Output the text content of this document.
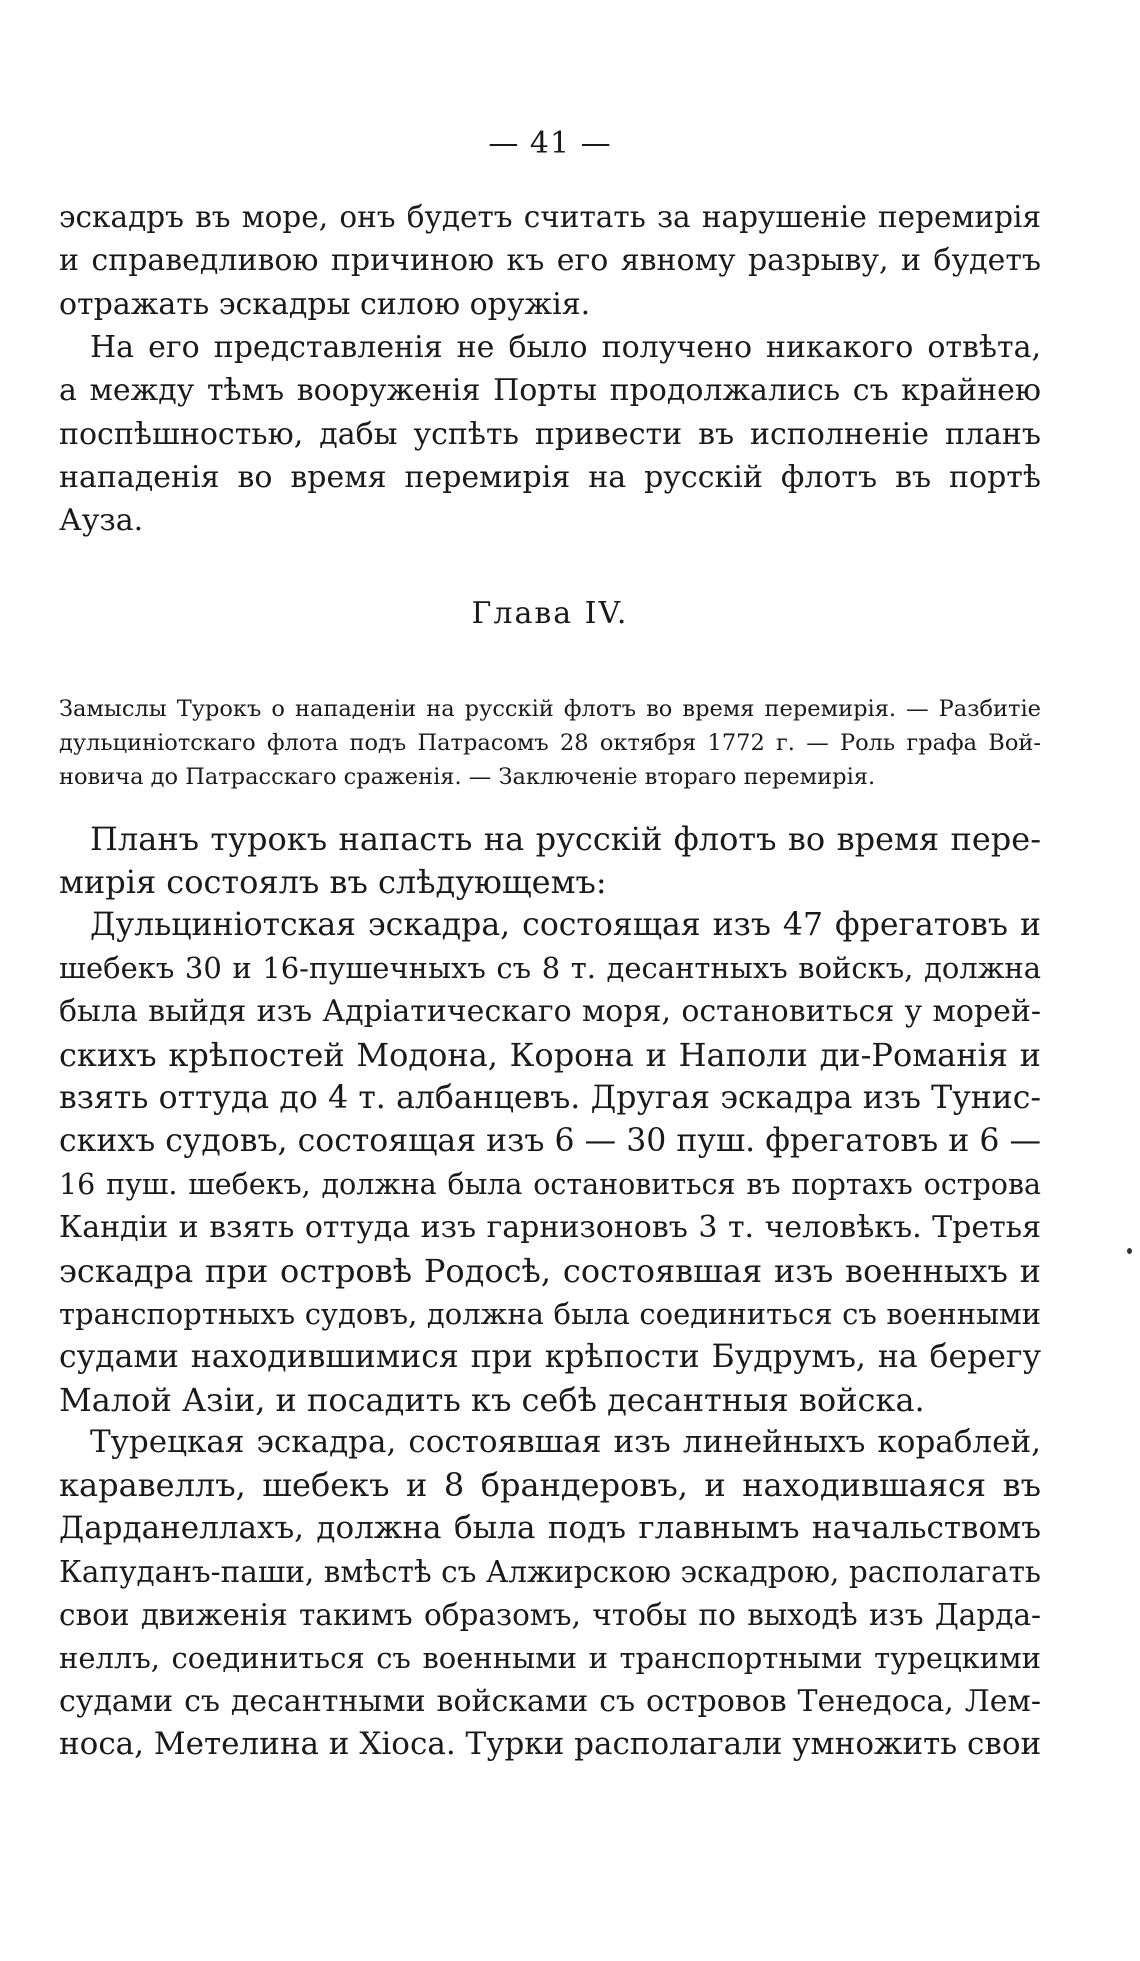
— 41 —
эскадръ въ море, онъ будетъ считать за нарушеніе перемирія
и справедливою причиною къ его явному разрыву, и будетъ
отражать эскадры силою оружія.
На его представленія не было получено никакого отвѣта,
а между тѣмъ вооруженія Порты продолжались съ крайнею
поспѣшностью, дабы успѣть привести въ исполненіе планъ
нападенія во время перемирія на русскій флотъ въ портѣ
Ауза.
Глава IV.
Замыслы Турокъ о нападеніи на русскій флотъ во время перемирія. — Разбитіе
дульциніотскаго флота подъ Патрасомъ 28 октября 1772 г. — Роль графа Вой-
новича до Патрасскаго сраженія. — Заключеніе втораго перемирія.
Планъ турокъ напасть на русскій флотъ во время пере-
мирія состоялъ въ слѣдующемъ:
Дульциніотская эскадра, состоящая изъ 47 фрегатовъ и
шебекъ 30 и 16-пушечныхъ съ 8 т. десантныхъ войскъ, должна
была выйдя изъ Адріатическаго моря, остановиться у морей-
скихъ крѣпостей Модона, Корона и Наполи ди-Романія и
взять оттуда до 4 т. албанцевъ. Другая эскадра изъ Тунис-
скихъ судовъ, состоящая изъ 6 — 30 пуш. фрегатовъ и 6 —
16 пуш. шебекъ, должна была остановиться въ портахъ острова
Кандіи и взять оттуда изъ гарнизоновъ 3 т. человѣкъ. Третья
эскадра при островѣ Родосѣ, состоявшая изъ военныхъ и
транспортныхъ судовъ, должна была соединиться съ военными
судами находившимися при крѣпости Будрумъ, на берегу
Малой Азіи, и посадить къ себѣ десантныя войска.
Турецкая эскадра, состоявшая изъ линейныхъ кораблей,
каравеллъ, шебекъ и 8 брандеровъ, и находившаяся въ
Дарданеллахъ, должна была подъ главнымъ начальствомъ
Капуданъ-паши, вмѣстѣ съ Алжирскою эскадрою, располагать
свои движенія такимъ образомъ, чтобы по выходѣ изъ Дарда-
неллъ, соединиться съ военными и транспортными турецкими
судами съ десантными войсками съ островов Тенедоса, Лем-
носа, Метелина и Хіоса. Турки располагали умножить свои
